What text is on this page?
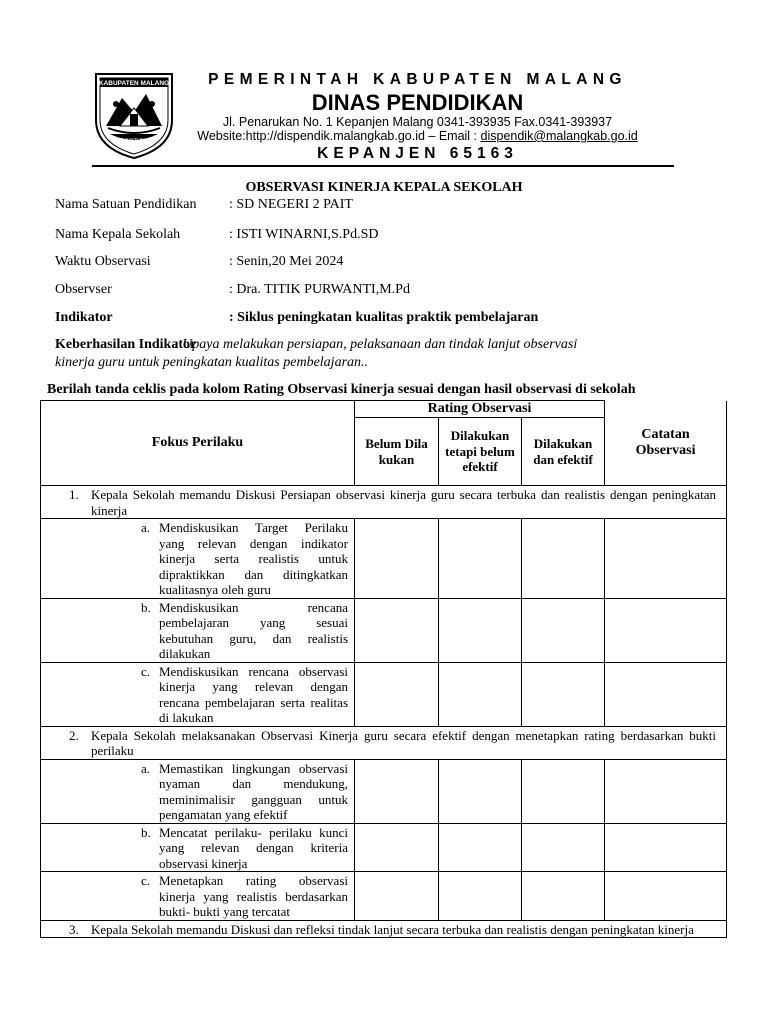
KABUPATEN MALANG
TATAG BAKTI RAHAYU
PEMERINTAH KABUPATEN MALANG
DINAS PENDIDIKAN
Jl. Penarukan No. 1 Kepanjen Malang 0341-393935 Fax.0341-393937
Website:http://dispendik.malangkab.go.id – Email : dispendik@malangkab.go.id
KEPANJEN 65163
OBSERVASI KINERJA KEPALA SEKOLAH
Nama Satuan Pendidikan : SD NEGERI 2 PAIT
Nama Kepala Sekolah	: ISTI WINARNI,S.Pd.SD
Waktu Observasi	: Senin,20 Mei 2024
Observser	: Dra. TITIK PURWANTI,M.Pd
Indikator	: Siklus peningkatan kualitas praktik pembelajaran
Keberhasilan Indikator
: Upaya melakukan persiapan, pelaksanaan dan tindak lanjut observasi
kinerja guru untuk peningkatan kualitas pembelajaran..
Berilah tanda ceklis pada kolom Rating Observasi kinerja sesuai dengan hasil observasi di sekolah
Fokus Perilaku	Rating Observasi			Catatan Observasi
	Belum Dilakukan	Dilakukan tetapi belum efektif	Dilakukan dan efektif	
1. Kepala Sekolah memandu Diskusi Persiapan observasi kinerja guru secara terbuka dan realistis dengan peningkatan kinerja				

a. Mendiskusikan Target Perilaku yang relevan dengan indikator kinerja serta realistis untuk dipraktikkan dan ditingkatkan kualitasnya oleh guru				

b. Mendiskusikan rencana pembelajaran yang sesuai kebutuhan guru, dan realistis dilakukan				

c. Mendiskusikan rencana observasi kinerja yang relevan dengan rencana pembelajaran serta realitas di lakukan				

2. Kepala Sekolah melaksanakan Observasi Kinerja guru secara efektif dengan menetapkan rating berdasarkan bukti perilaku				

a. Memastikan lingkungan observasi nyaman dan mendukung, meminimalisir gangguan untuk pengamatan yang efektif				

b. Mencatat perilaku- perilaku kunci yang relevan dengan kriteria observasi kinerja				

c. Menetapkan rating observasi kinerja yang realistis berdasarkan bukti- bukti yang tercatat				

3. Kepala Sekolah memandu Diskusi dan refleksi tindak lanjut secara terbuka dan realistis dengan peningkatan kinerja				
